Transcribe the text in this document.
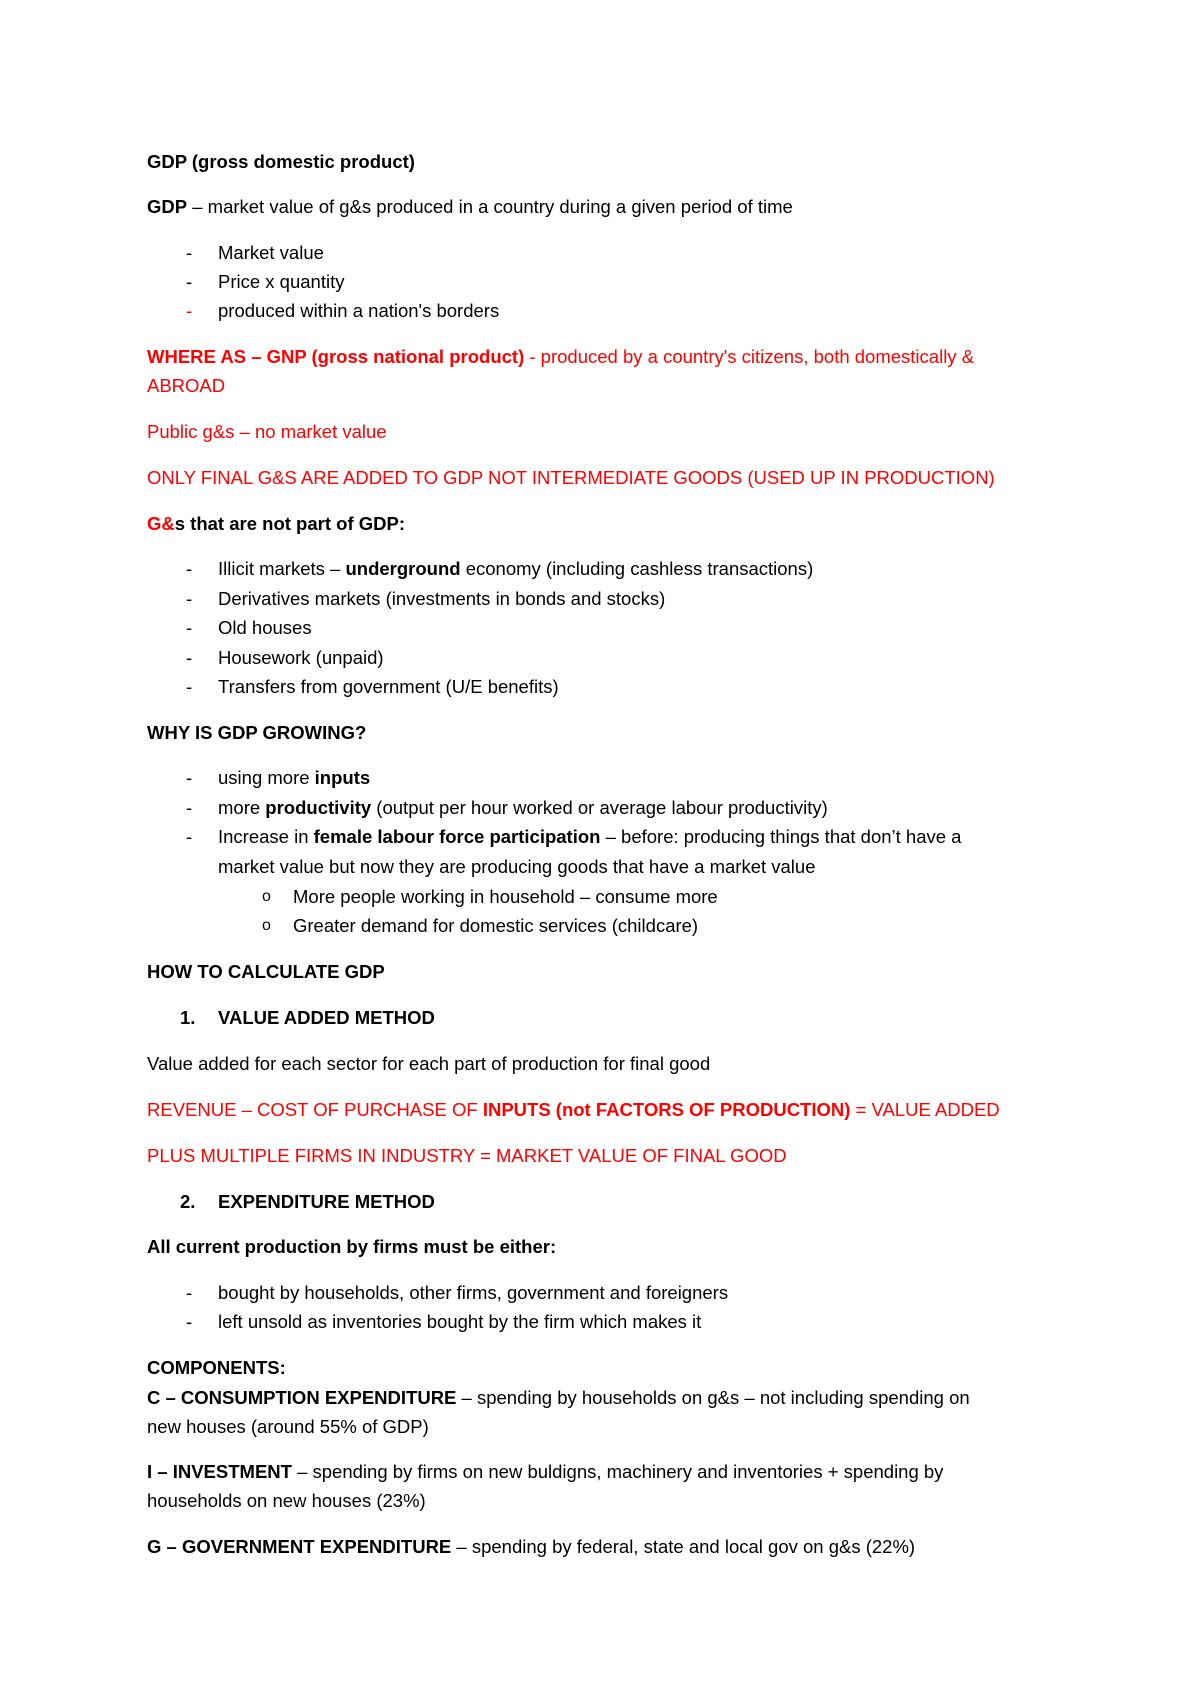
GDP (gross domestic product)
GDP – market value of g&s produced in a country during a given period of time
- Market value
- Price x quantity
- produced within a nation's borders
WHERE AS – GNP (gross national product) - produced by a country's citizens, both domestically &
ABROAD
Public g&s – no market value
ONLY FINAL G&S ARE ADDED TO GDP NOT INTERMEDIATE GOODS (USED UP IN PRODUCTION)
G&s that are not part of GDP:
- Illicit markets – underground economy (including cashless transactions)
- Derivatives markets (investments in bonds and stocks)
- Old houses
- Housework (unpaid)
- Transfers from government (U/E benefits)
WHY IS GDP GROWING?
- using more inputs
- more productivity (output per hour worked or average labour productivity)
- Increase in female labour force participation – before: producing things that don’t have a
market value but now they are producing goods that have a market value
o More people working in household – consume more
o Greater demand for domestic services (childcare)
HOW TO CALCULATE GDP
1. VALUE ADDED METHOD
Value added for each sector for each part of production for final good
REVENUE – COST OF PURCHASE OF INPUTS (not FACTORS OF PRODUCTION) = VALUE ADDED
PLUS MULTIPLE FIRMS IN INDUSTRY = MARKET VALUE OF FINAL GOOD
2. EXPENDITURE METHOD
All current production by firms must be either:
- bought by households, other firms, government and foreigners
- left unsold as inventories bought by the firm which makes it
COMPONENTS:
C – CONSUMPTION EXPENDITURE – spending by households on g&s – not including spending on
new houses (around 55% of GDP)
I – INVESTMENT – spending by firms on new buldigns, machinery and inventories + spending by
households on new houses (23%)
G – GOVERNMENT EXPENDITURE – spending by federal, state and local gov on g&s (22%)
